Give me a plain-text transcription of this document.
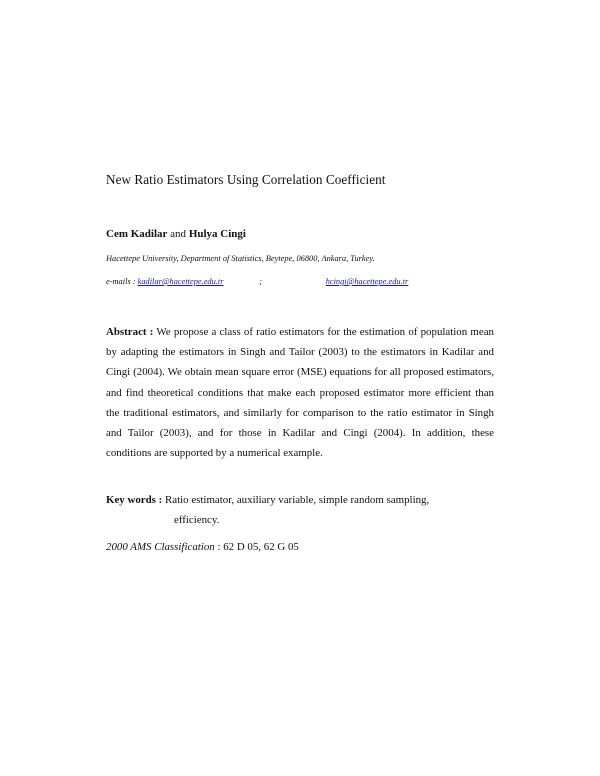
New Ratio Estimators Using Correlation Coefficient
Cem Kadilar and Hulya Cingi
Hacettepe University, Department of Statistics, Beytepe, 06800, Ankara, Turkey.
e-mails : kadilar@hacettepe.edu.tr	;	hcingi@hacettepe.edu.tr
Abstract : We propose a class of ratio estimators for the estimation of population mean by adapting the estimators in Singh and Tailor (2003) to the estimators in Kadilar and Cingi (2004). We obtain mean square error (MSE) equations for all proposed estimators, and find theoretical conditions that make each proposed estimator more efficient than the traditional estimators, and similarly for comparison to the ratio estimator in Singh and Tailor (2003), and for those in Kadilar and Cingi (2004). In addition, these conditions are supported by a numerical example.
Key words : Ratio estimator, auxiliary variable, simple random sampling,
efficiency.
2000 AMS Classification : 62 D 05, 62 G 05
